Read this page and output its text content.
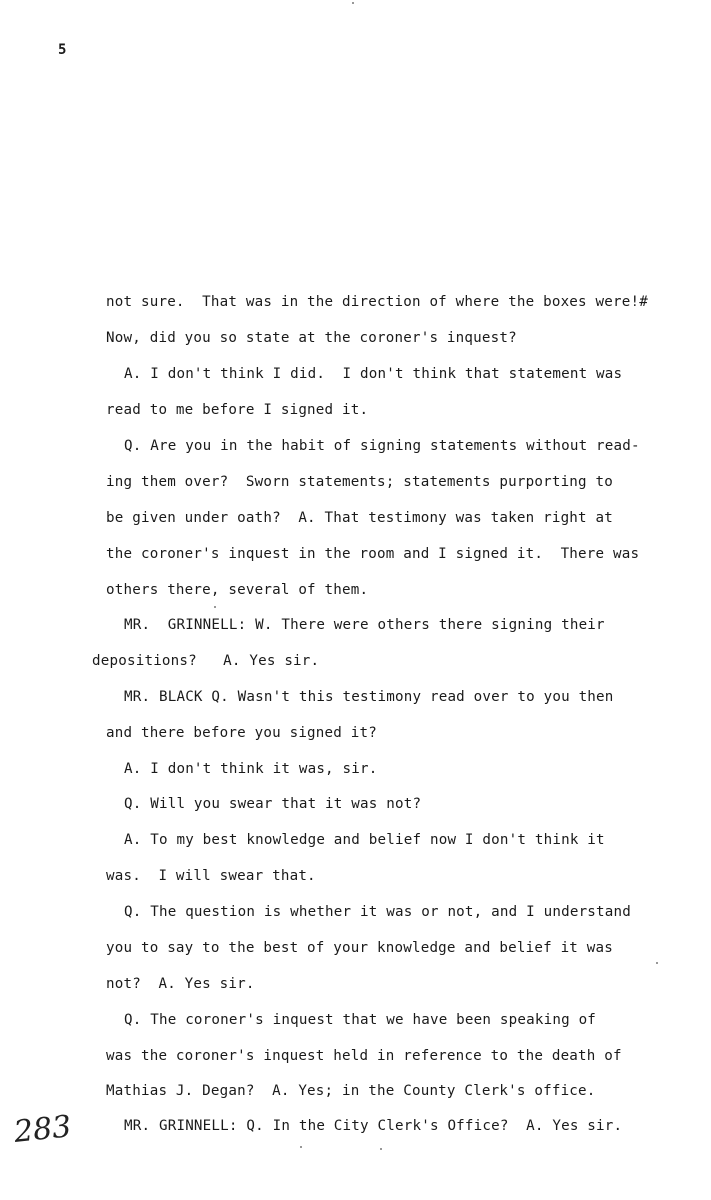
5
not sure.  That was in the direction of where the boxes were!#
Now, did you so state at the coroner's inquest?
A. I don't think I did.  I don't think that statement was
read to me before I signed it.
Q. Are you in the habit of signing statements without read-
ing them over?  Sworn statements; statements purporting to
be given under oath?  A. That testimony was taken right at
the coroner's inquest in the room and I signed it.  There was
others there, several of them.
MR.  GRINNELL: W. There were others there signing their
depositions?   A. Yes sir.
MR. BLACK Q. Wasn't this testimony read over to you then
and there before you signed it?
A. I don't think it was, sir.
Q. Will you swear that it was not?
A. To my best knowledge and belief now I don't think it
was.  I will swear that.
Q. The question is whether it was or not, and I understand
you to say to the best of your knowledge and belief it was
not?  A. Yes sir.
Q. The coroner's inquest that we have been speaking of
was the coroner's inquest held in reference to the death of
Mathias J. Degan?  A. Yes; in the County Clerk's office.
MR. GRINNELL: Q. In the City Clerk's Office?  A. Yes sir.
283
